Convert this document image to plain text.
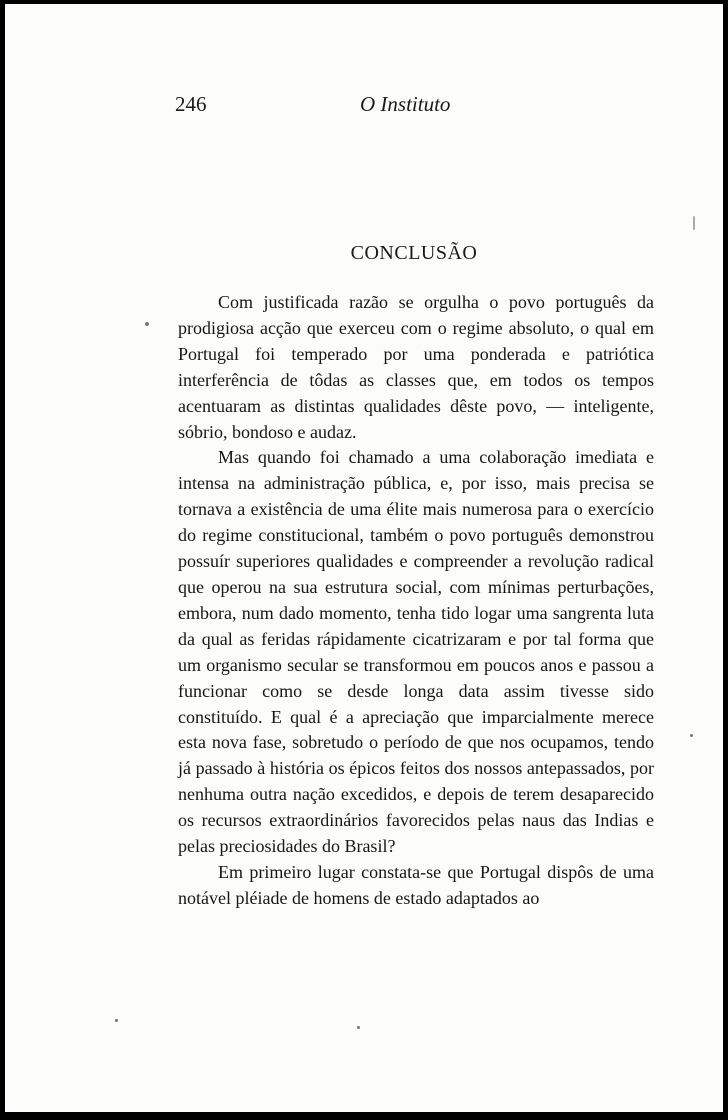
246	O Instituto
CONCLUSÃO

Com justificada razão se orgulha o povo português da prodigiosa acção que exerceu com o regime absoluto, o qual em Portugal foi temperado por uma ponderada e patriótica interferência de tôdas as classes que, em todos os tempos acentuaram as distintas qualidades dêste povo, — inteligente, sóbrio, bondoso e audaz.

Mas quando foi chamado a uma colaboração imediata e intensa na administração pública, e, por isso, mais precisa se tornava a existência de uma élite mais numerosa para o exercício do regime constitucional, também o povo português demonstrou possuír superiores qualidades e compreender a revolução radical que operou na sua estrutura social, com mínimas perturbações, embora, num dado momento, tenha tido logar uma sangrenta luta da qual as feridas rápidamente cicatrizaram e por tal forma que um organismo secular se transformou em poucos anos e passou a funcionar como se desde longa data assim tivesse sido constituído. E qual é a apreciação que imparcialmente merece esta nova fase, sobretudo o período de que nos ocupamos, tendo já passado à história os épicos feitos dos nossos antepassados, por nenhuma outra nação excedidos, e depois de terem desaparecido os recursos extraordinários favorecidos pelas naus das Indias e pelas preciosidades do Brasil?

Em primeiro lugar constata-se que Portugal dispôs de uma notável pléiade de homens de estado adaptados ao
